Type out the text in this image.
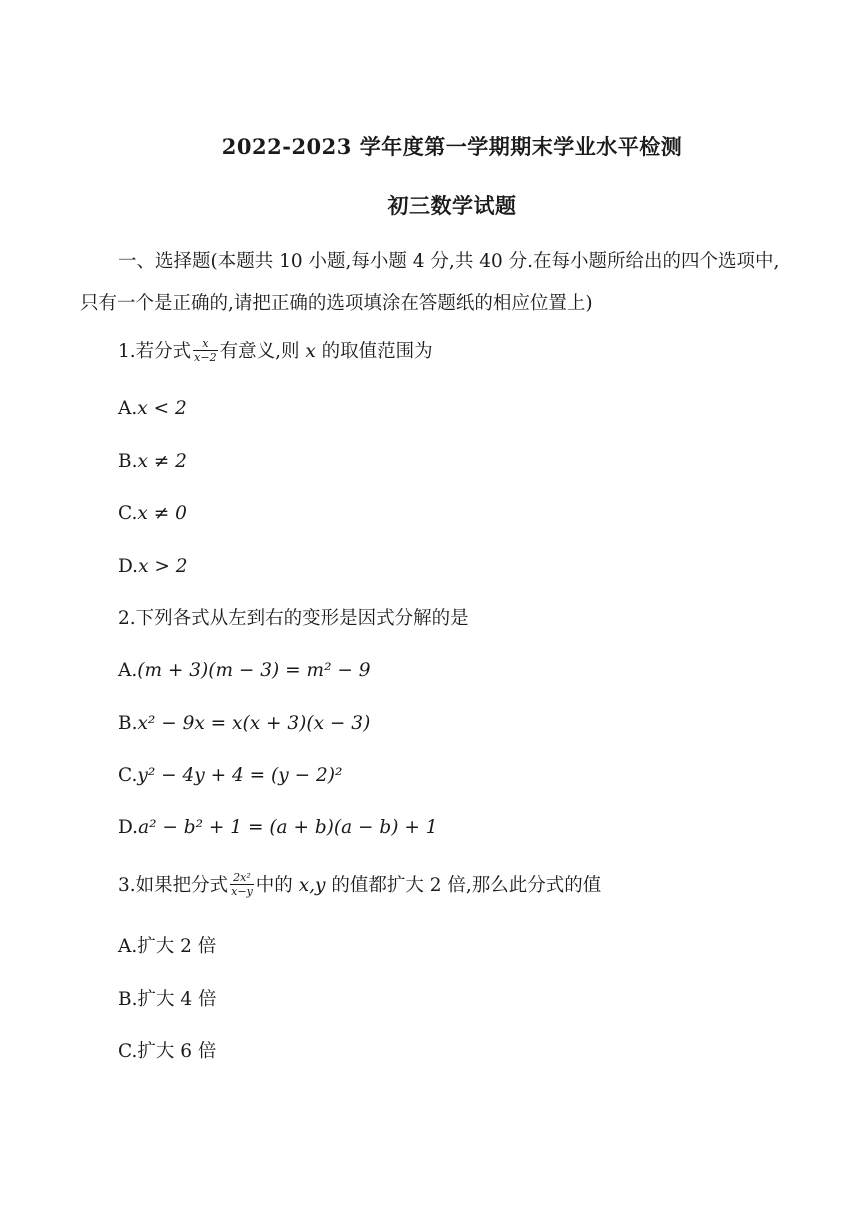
2022-2023 学年度第一学期期末学业水平检测
初三数学试题
一、选择题(本题共 10 小题,每小题 4 分,共 40 分.在每小题所给出的四个选项中,只有一个是正确的,请把正确的选项填涂在答题纸的相应位置上)
1.若分式 $\frac{x}{x-2}$ 有意义,则 x 的取值范围为
A.x < 2
B.x ≠ 2
C.x ≠ 0
D.x > 2
2.下列各式从左到右的变形是因式分解的是
A.(m + 3)(m − 3) = m² − 9
B.x² − 9x = x(x + 3)(x − 3)
C.y² − 4y + 4 = (y − 2)²
D.a² − b² + 1 = (a + b)(a − b) + 1
3.如果把分式 $\frac{\text{2x²}}{x-y}$ 中的 x,y 的值都扩大 2 倍,那么此分式的值
A.扩大 2 倍
B.扩大 4 倍
C.扩大 6 倍
